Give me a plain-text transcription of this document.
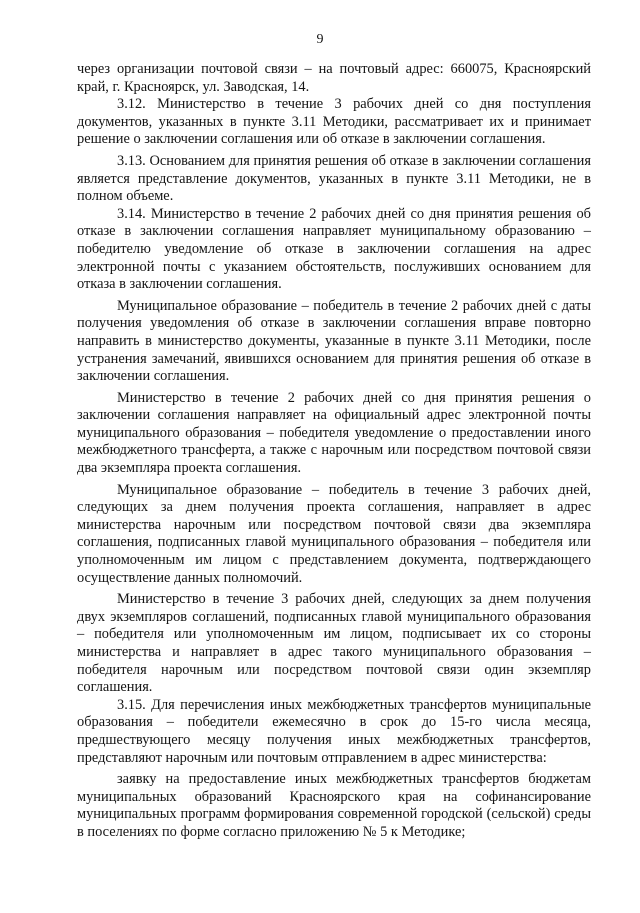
9

через организации почтовой связи – на почтовый адрес: 660075, Красноярский край, г. Красноярск, ул. Заводская, 14.

3.12. Министерство в течение 3 рабочих дней со дня поступления документов, указанных в пункте 3.11 Методики, рассматривает их и принимает решение о заключении соглашения или об отказе в заключении соглашения.

3.13. Основанием для принятия решения об отказе в заключении соглашения является представление документов, указанных в пункте 3.11 Методики, не в полном объеме.

3.14. Министерство в течение 2 рабочих дней со дня принятия решения об отказе в заключении соглашения направляет муниципальному образованию – победителю уведомление об отказе в заключении соглашения на адрес электронной почты с указанием обстоятельств, послуживших основанием для отказа в заключении соглашения.

Муниципальное образование – победитель в течение 2 рабочих дней с даты получения уведомления об отказе в заключении соглашения вправе повторно направить в министерство документы, указанные в пункте 3.11 Методики, после устранения замечаний, явившихся основанием для принятия решения об отказе в заключении соглашения.

Министерство в течение 2 рабочих дней со дня принятия решения о заключении соглашения направляет на официальный адрес электронной почты муниципального образования – победителя уведомление о предоставлении иного межбюджетного трансферта, а также с нарочным или посредством почтовой связи два экземпляра проекта соглашения.

Муниципальное образование – победитель в течение 3 рабочих дней, следующих за днем получения проекта соглашения, направляет в адрес министерства нарочным или посредством почтовой связи два экземпляра соглашения, подписанных главой муниципального образования – победителя или уполномоченным им лицом с представлением документа, подтверждающего осуществление данных полномочий.

Министерство в течение 3 рабочих дней, следующих за днем получения двух экземпляров соглашений, подписанных главой муниципального образования – победителя или уполномоченным им лицом, подписывает их со стороны министерства и направляет в адрес такого муниципального образования – победителя нарочным или посредством почтовой связи один экземпляр соглашения.

3.15. Для перечисления иных межбюджетных трансфертов муниципальные образования – победители ежемесячно в срок до 15-го числа месяца, предшествующего месяцу получения иных межбюджетных трансфертов, представляют нарочным или почтовым отправлением в адрес министерства:

заявку на предоставление иных межбюджетных трансфертов бюджетам муниципальных образований Красноярского края на софинансирование муниципальных программ формирования современной городской (сельской) среды в поселениях по форме согласно приложению № 5 к Методике;
